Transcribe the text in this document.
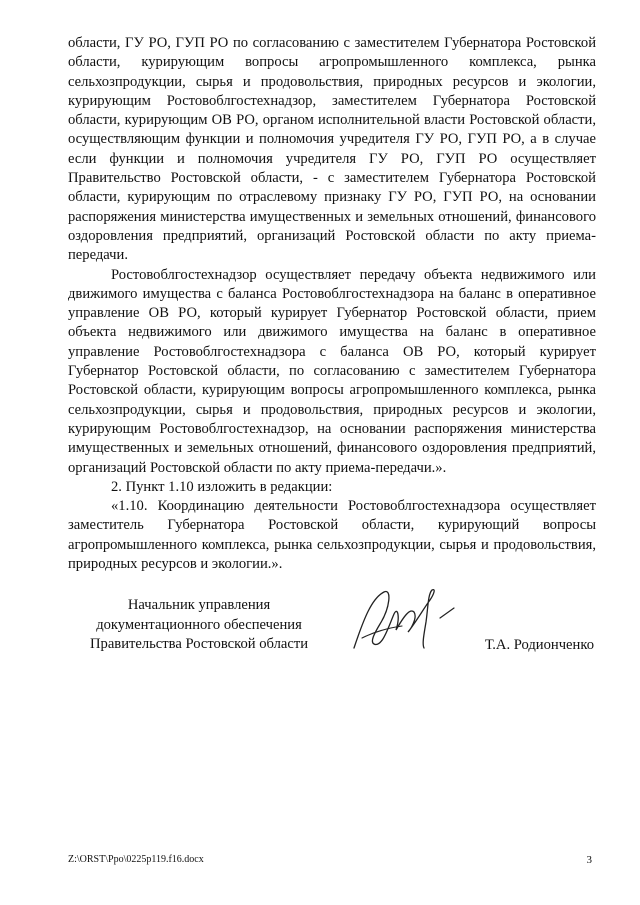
области, ГУ РО, ГУП РО по согласованию с заместителем Губернатора Ростовской области, курирующим вопросы агропромышленного комплекса, рынка сельхозпродукции, сырья и продовольствия, природных ресурсов и экологии, курирующим Ростовоблгостехнадзор, заместителем Губернатора Ростовской области, курирующим ОВ РО, органом исполнительной власти Ростовской области, осуществляющим функции и полномочия учредителя ГУ РО, ГУП РО, а в случае если функции и полномочия учредителя ГУ РО, ГУП РО осуществляет Правительство Ростовской области, - с заместителем Губернатора Ростовской области, курирующим по отраслевому признаку ГУ РО, ГУП РО, на основании распоряжения министерства имущественных и земельных отношений, финансового оздоровления предприятий, организаций Ростовской области по акту приема-передачи.

Ростовоблгостехнадзор осуществляет передачу объекта недвижимого или движимого имущества с баланса Ростовоблгостехнадзора на баланс в оперативное управление ОВ РО, который курирует Губернатор Ростовской области, прием объекта недвижимого или движимого имущества на баланс в оперативное управление Ростовоблгостехнадзора с баланса ОВ РО, который курирует Губернатор Ростовской области, по согласованию с заместителем Губернатора Ростовской области, курирующим вопросы агропромышленного комплекса, рынка сельхозпродукции, сырья и продовольствия, природных ресурсов и экологии, курирующим Ростовоблгостехнадзор, на основании распоряжения министерства имущественных и земельных отношений, финансового оздоровления предприятий, организаций Ростовской области по акту приема-передачи.».

2. Пункт 1.10 изложить в редакции:

«1.10. Координацию деятельности Ростовоблгостехнадзора осуществляет заместитель Губернатора Ростовской области, курирующий вопросы агропромышленного комплекса, рынка сельхозпродукции, сырья и продовольствия, природных ресурсов и экологии.».

Начальник управления
документационного обеспечения
Правительства Ростовской области	Т.А. Родионченко
Z:\ORST\Ppo\0225p119.f16.docx	3
